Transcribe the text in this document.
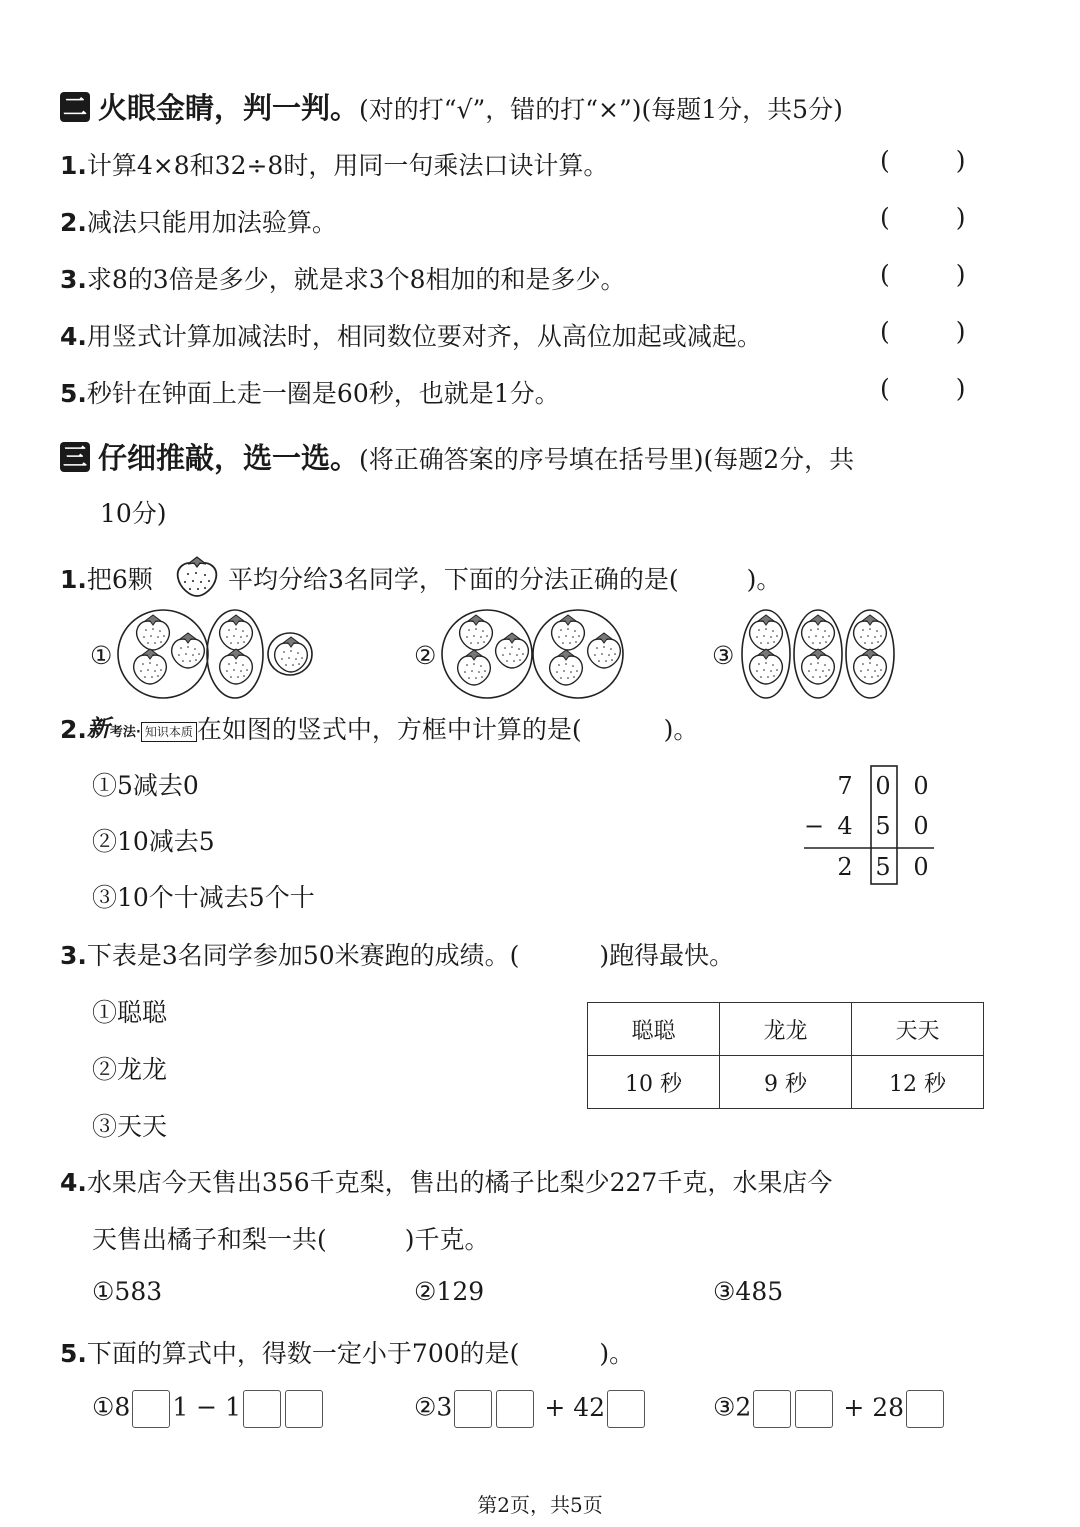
二 火眼金睛，判一判。(对的打“√”，错的打“×”)(每题1分，共5分)
1.计算4×8和32÷8时，用同一句乘法口诀计算。
2.减法只能用加法验算。
3.求8的3倍是多少，就是求3个8相加的和是多少。
4.用竖式计算加减法时，相同数位要对齐，从高位加起或减起。
5.秒针在钟面上走一圈是60秒，也就是1分。
(	)
(	)
(	)
(	)
(	)
三 仔细推敲，选一选。(将正确答案的序号填在括号里)(每题2分，共
10分)
1.把6颗	平均分给3名同学，下面的分法正确的是(	)。
①	②	③
2.新考法· 知识本质 在如图的竖式中，方框中计算的是(	)。
①5减去0
②10减去5
③10个十减去5个十
7 0 0
− 4 5 0
2 5 0
3.下表是3名同学参加50米赛跑的成绩。(	)跑得最快。
①聪聪
②龙龙
③天天
聪聪	龙龙	天天
10 秒	9 秒	12 秒
4.水果店今天售出356千克梨，售出的橘子比梨少227千克，水果店今
天售出橘子和梨一共(	)千克。
①583	②129	③485
5.下面的算式中，得数一定小于700的是(	)。
①8 1 − 1	②3	+ 42	③2	+ 28
第2页，共5页
